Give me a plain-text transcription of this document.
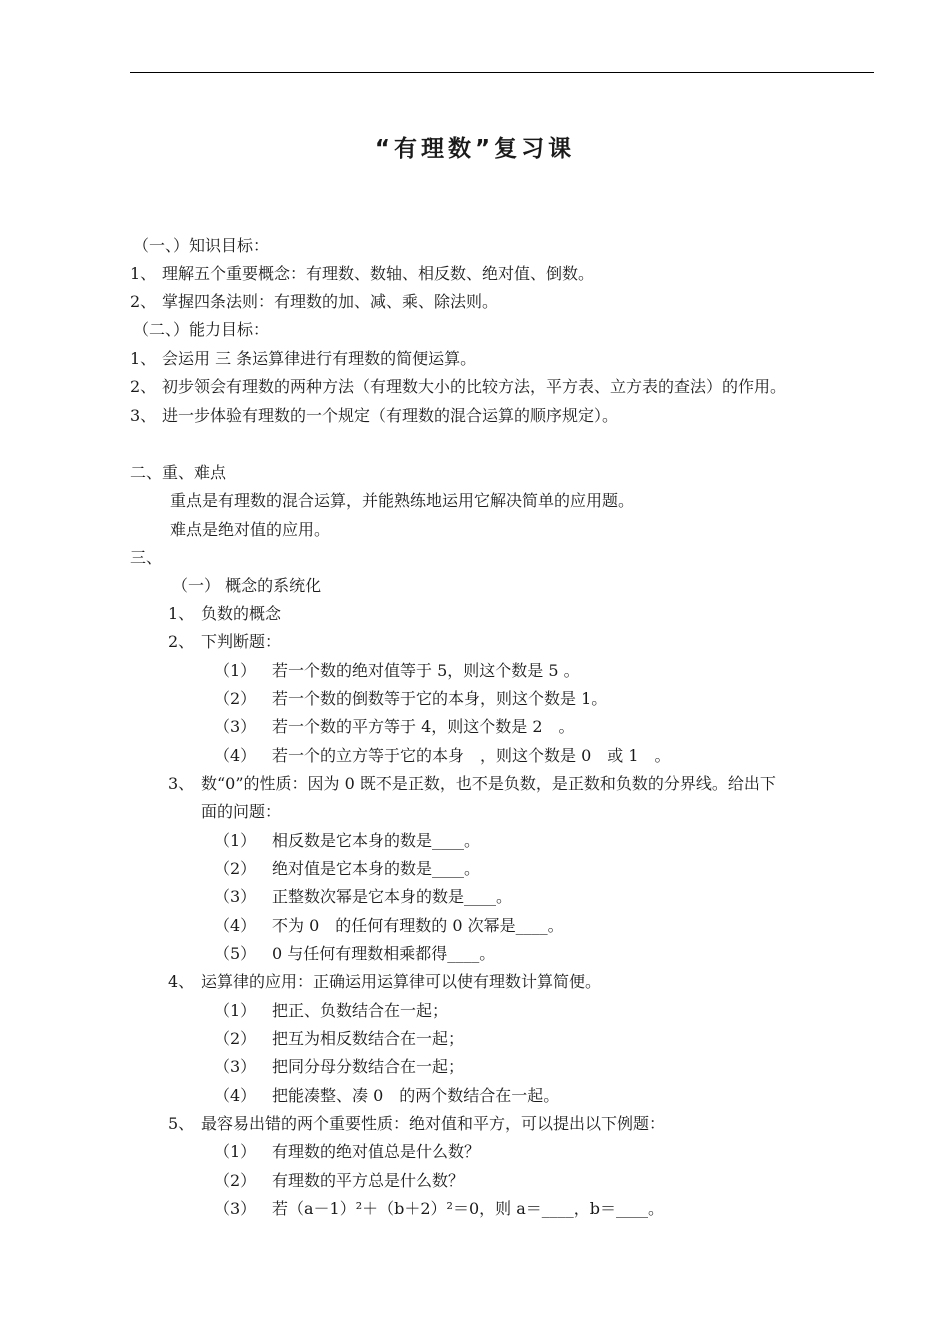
“有理数”复习课
（一、）知识目标：
1、 理解五个重要概念：有理数、数轴、相反数、绝对值、倒数。
2、 掌握四条法则：有理数的加、减、乘、除法则。
（二、）能力目标：
1、 会运用 三 条运算律进行有理数的简便运算。
2、 初步领会有理数的两种方法（有理数大小的比较方法，平方表、立方表的查法）的作用。
3、 进一步体验有理数的一个规定（有理数的混合运算的顺序规定）。
二、重、难点
重点是有理数的混合运算，并能熟练地运用它解决简单的应用题。
难点是绝对值的应用。
三、
（一） 概念的系统化
1、 负数的概念
2、 下判断题：
（1） 若一个数的绝对值等于 5，则这个数是 5 。
（2） 若一个数的倒数等于它的本身，则这个数是 1。
（3） 若一个数的平方等于 4，则这个数是 2　。
（4） 若一个的立方等于它的本身　，则这个数是 0　或 1　。
3、 数“0”的性质：因为 0 既不是正数，也不是负数，是正数和负数的分界线。给出下
面的问题：
（1） 相反数是它本身的数是____。
（2） 绝对值是它本身的数是____。
（3） 正整数次幂是它本身的数是____。
（4） 不为 0　的任何有理数的 0 次幂是____。
（5） 0 与任何有理数相乘都得____。
4、 运算律的应用：正确运用运算律可以使有理数计算简便。
（1） 把正、负数结合在一起；
（2） 把互为相反数结合在一起；
（3） 把同分母分数结合在一起；
（4） 把能凑整、凑 0　的两个数结合在一起。
5、 最容易出错的两个重要性质：绝对值和平方，可以提出以下例题：
（1） 有理数的绝对值总是什么数？
（2） 有理数的平方总是什么数？
（3） 若（a－1）²＋（b＋2）²＝0，则 a＝____，b＝____。
